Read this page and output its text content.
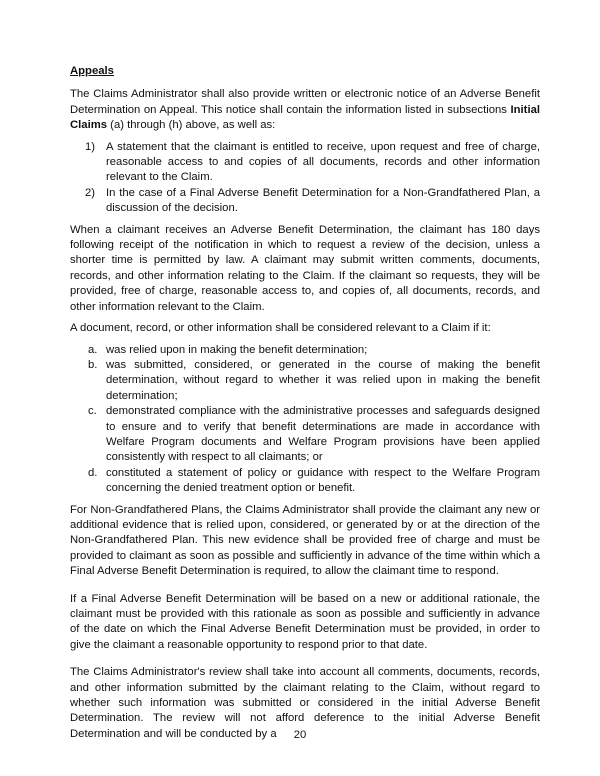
Appeals

The Claims Administrator shall also provide written or electronic notice of an Adverse Benefit Determination on Appeal. This notice shall contain the information listed in subsections Initial Claims (a) through (h) above, as well as:

1) A statement that the claimant is entitled to receive, upon request and free of charge, reasonable access to and copies of all documents, records and other information relevant to the Claim.
2) In the case of a Final Adverse Benefit Determination for a Non-Grandfathered Plan, a discussion of the decision.

When a claimant receives an Adverse Benefit Determination, the claimant has 180 days following receipt of the notification in which to request a review of the decision, unless a shorter time is permitted by law. A claimant may submit written comments, documents, records, and other information relating to the Claim. If the claimant so requests, they will be provided, free of charge, reasonable access to, and copies of, all documents, records, and other information relevant to the Claim.

A document, record, or other information shall be considered relevant to a Claim if it:

a. was relied upon in making the benefit determination;
b. was submitted, considered, or generated in the course of making the benefit determination, without regard to whether it was relied upon in making the benefit determination;
c. demonstrated compliance with the administrative processes and safeguards designed to ensure and to verify that benefit determinations are made in accordance with Welfare Program documents and Welfare Program provisions have been applied consistently with respect to all claimants; or
d. constituted a statement of policy or guidance with respect to the Welfare Program concerning the denied treatment option or benefit.

For Non-Grandfathered Plans, the Claims Administrator shall provide the claimant any new or additional evidence that is relied upon, considered, or generated by or at the direction of the Non-Grandfathered Plan. This new evidence shall be provided free of charge and must be provided to claimant as soon as possible and sufficiently in advance of the time within which a Final Adverse Benefit Determination is required, to allow the claimant time to respond.

If a Final Adverse Benefit Determination will be based on a new or additional rationale, the claimant must be provided with this rationale as soon as possible and sufficiently in advance of the date on which the Final Adverse Benefit Determination must be provided, in order to give the claimant a reasonable opportunity to respond prior to that date.

The Claims Administrator's review shall take into account all comments, documents, records, and other information submitted by the claimant relating to the Claim, without regard to whether such information was submitted or considered in the initial Adverse Benefit Determination. The review will not afford deference to the initial Adverse Benefit Determination and will be conducted by a	20
